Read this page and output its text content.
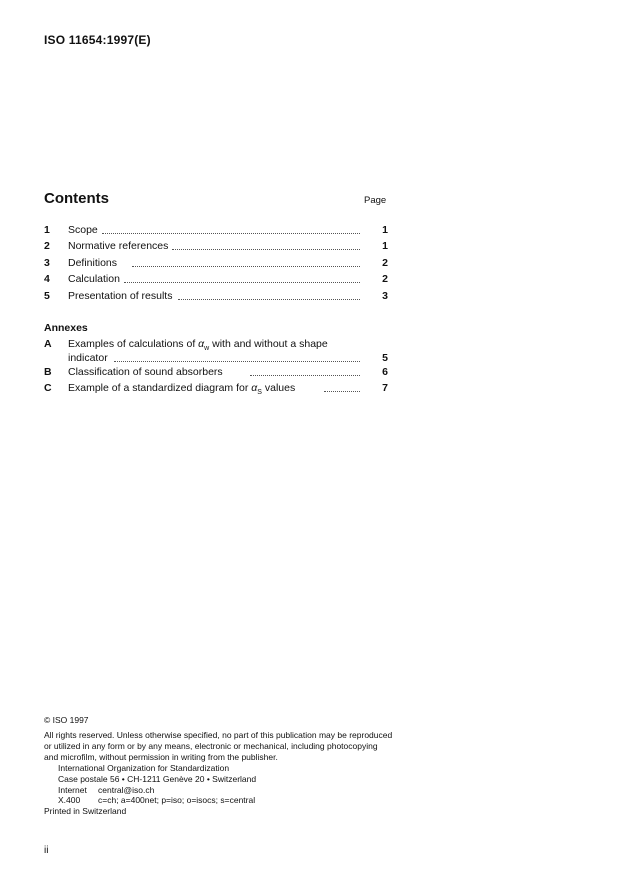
ISO 11654:1997(E)
Contents	Page
1 Scope	1
2 Normative references	1
3 Definitions	2
4 Calculation	2
5 Presentation of results	3
Annexes
A Examples of calculations of $\alpha_w$ with and without a shape
indicator	5
B Classification of sound absorbers	6
C Example of a standardized diagram for $\alpha_S$ values	7
© ISO 1997
All rights reserved. Unless otherwise specified, no part of this publication may be reproduced or utilized in any form or by any means, electronic or mechanical, including photocopying and microfilm, without permission in writing from the publisher.
International Organization for Standardization
Case postale 56 • CH-1211 Genève 20 • Switzerland
Internet central@iso.ch
X.400 c=ch; a=400net; p=iso; o=isocs; s=central
Printed in Switzerland
ii
